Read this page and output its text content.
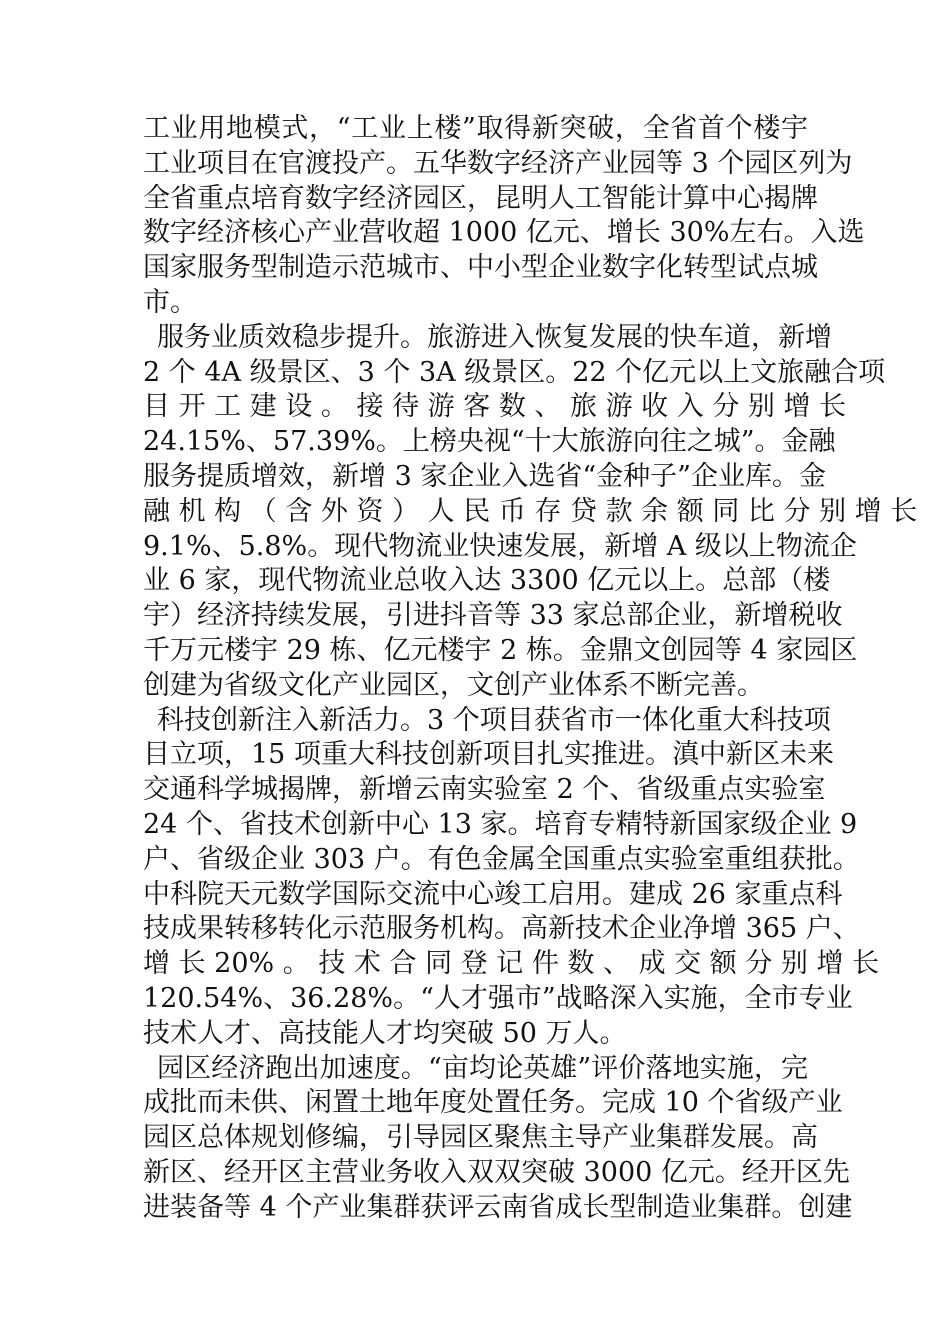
工业用地模式，“工业上楼”取得新突破，全省首个楼宇
工业项目在官渡投产。五华数字经济产业园等 3 个园区列为
全省重点培育数字经济园区，昆明人工智能计算中心揭牌
数字经济核心产业营收超 1000 亿元、增长 30%左右。入选
国家服务型制造示范城市、中小型企业数字化转型试点城
市。
服务业质效稳步提升。旅游进入恢复发展的快车道，新增
2 个 4A 级景区、3 个 3A 级景区。22 个亿元以上文旅融合项
目 开 工 建 设 。 接 待 游 客 数 、 旅 游 收 入 分 别 增 长
24.15%、57.39%。上榜央视“十大旅游向往之城”。金融
服务提质增效，新增 3 家企业入选省“金种子”企业库。金
融 机 构 （ 含 外 资 ） 人 民 币 存 贷 款 余 额 同 比 分 别 增 长
9.1%、5.8%。现代物流业快速发展，新增 A 级以上物流企
业 6 家，现代物流业总收入达 3300 亿元以上。总部（楼
宇）经济持续发展，引进抖音等 33 家总部企业，新增税收
千万元楼宇 29 栋、亿元楼宇 2 栋。金鼎文创园等 4 家园区
创建为省级文化产业园区，文创产业体系不断完善。
科技创新注入新活力。3 个项目获省市一体化重大科技项
目立项，15 项重大科技创新项目扎实推进。滇中新区未来
交通科学城揭牌，新增云南实验室 2 个、省级重点实验室
24 个、省技术创新中心 13 家。培育专精特新国家级企业 9
户、省级企业 303 户。有色金属全国重点实验室重组获批。
中科院天元数学国际交流中心竣工启用。建成 26 家重点科
技成果转移转化示范服务机构。高新技术企业净增 365 户、
增 长 20% 。 技 术 合 同 登 记 件 数 、 成 交 额 分 别 增 长
120.54%、36.28%。“人才强市”战略深入实施，全市专业
技术人才、高技能人才均突破 50 万人。
园区经济跑出加速度。“亩均论英雄”评价落地实施，完
成批而未供、闲置土地年度处置任务。完成 10 个省级产业
园区总体规划修编，引导园区聚焦主导产业集群发展。高
新区、经开区主营业务收入双双突破 3000 亿元。经开区先
进装备等 4 个产业集群获评云南省成长型制造业集群。创建
